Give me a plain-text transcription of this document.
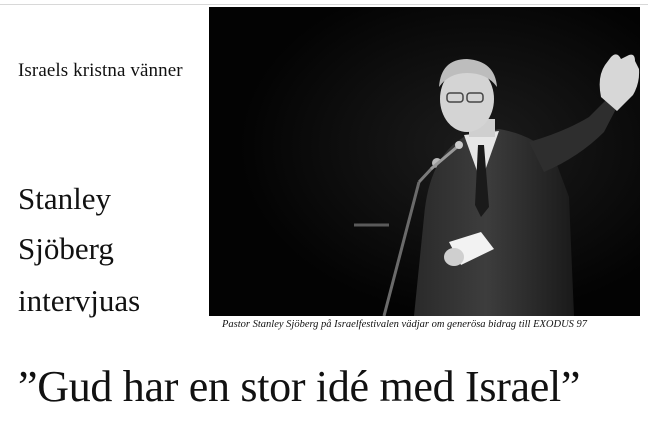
Israels kristna vänner
Stanley
Sjöberg
intervjuas
Pastor Stanley Sjöberg på Israelfestivalen vädjar om generösa bidrag till EXODUS 97
”Gud har en stor idé med Israel”
